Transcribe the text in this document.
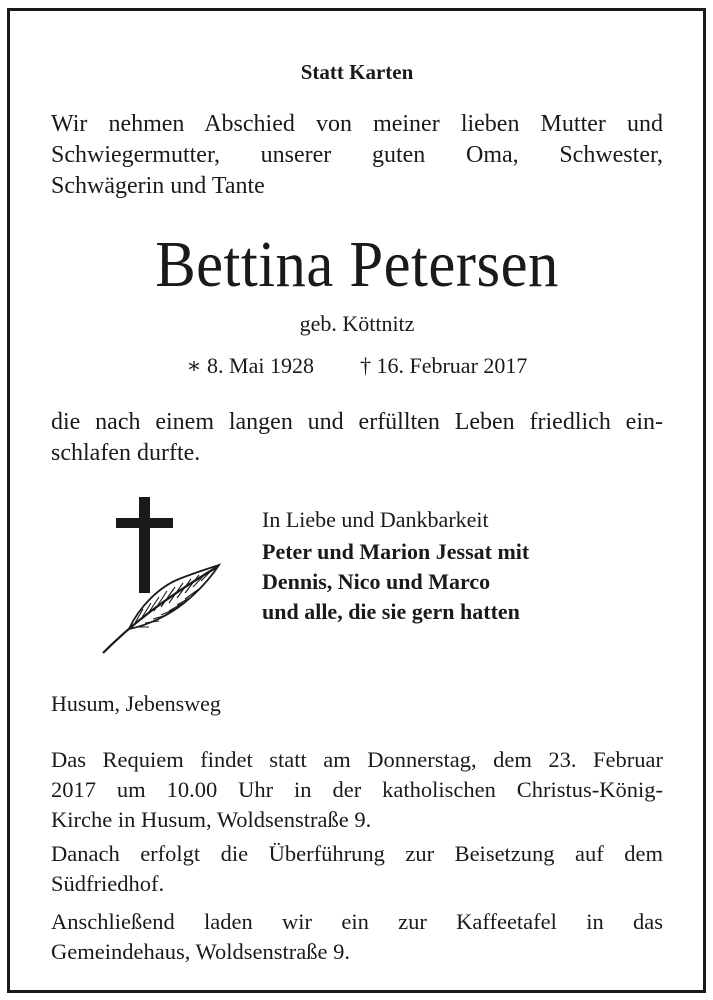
Statt Karten
Wir nehmen Abschied von meiner lieben Mutter und
Schwiegermutter, unserer guten Oma, Schwester,
Schwägerin und Tante
Bettina Petersen
geb. Köttnitz
∗ 8. Mai 1928 † 16. Februar 2017
die nach einem langen und erfüllten Leben friedlich ein-
schlafen durfte.
In Liebe und Dankbarkeit
Peter und Marion Jessat mit
Dennis, Nico und Marco
und alle, die sie gern hatten
Husum, Jebensweg
Das Requiem findet statt am Donnerstag, dem 23. Februar
2017 um 10.00 Uhr in der katholischen Christus-König-
Kirche in Husum, Woldsenstraße 9.
Danach erfolgt die Überführung zur Beisetzung auf dem
Südfriedhof.
Anschließend laden wir ein zur Kaffeetafel in das
Gemeindehaus, Woldsenstraße 9.
